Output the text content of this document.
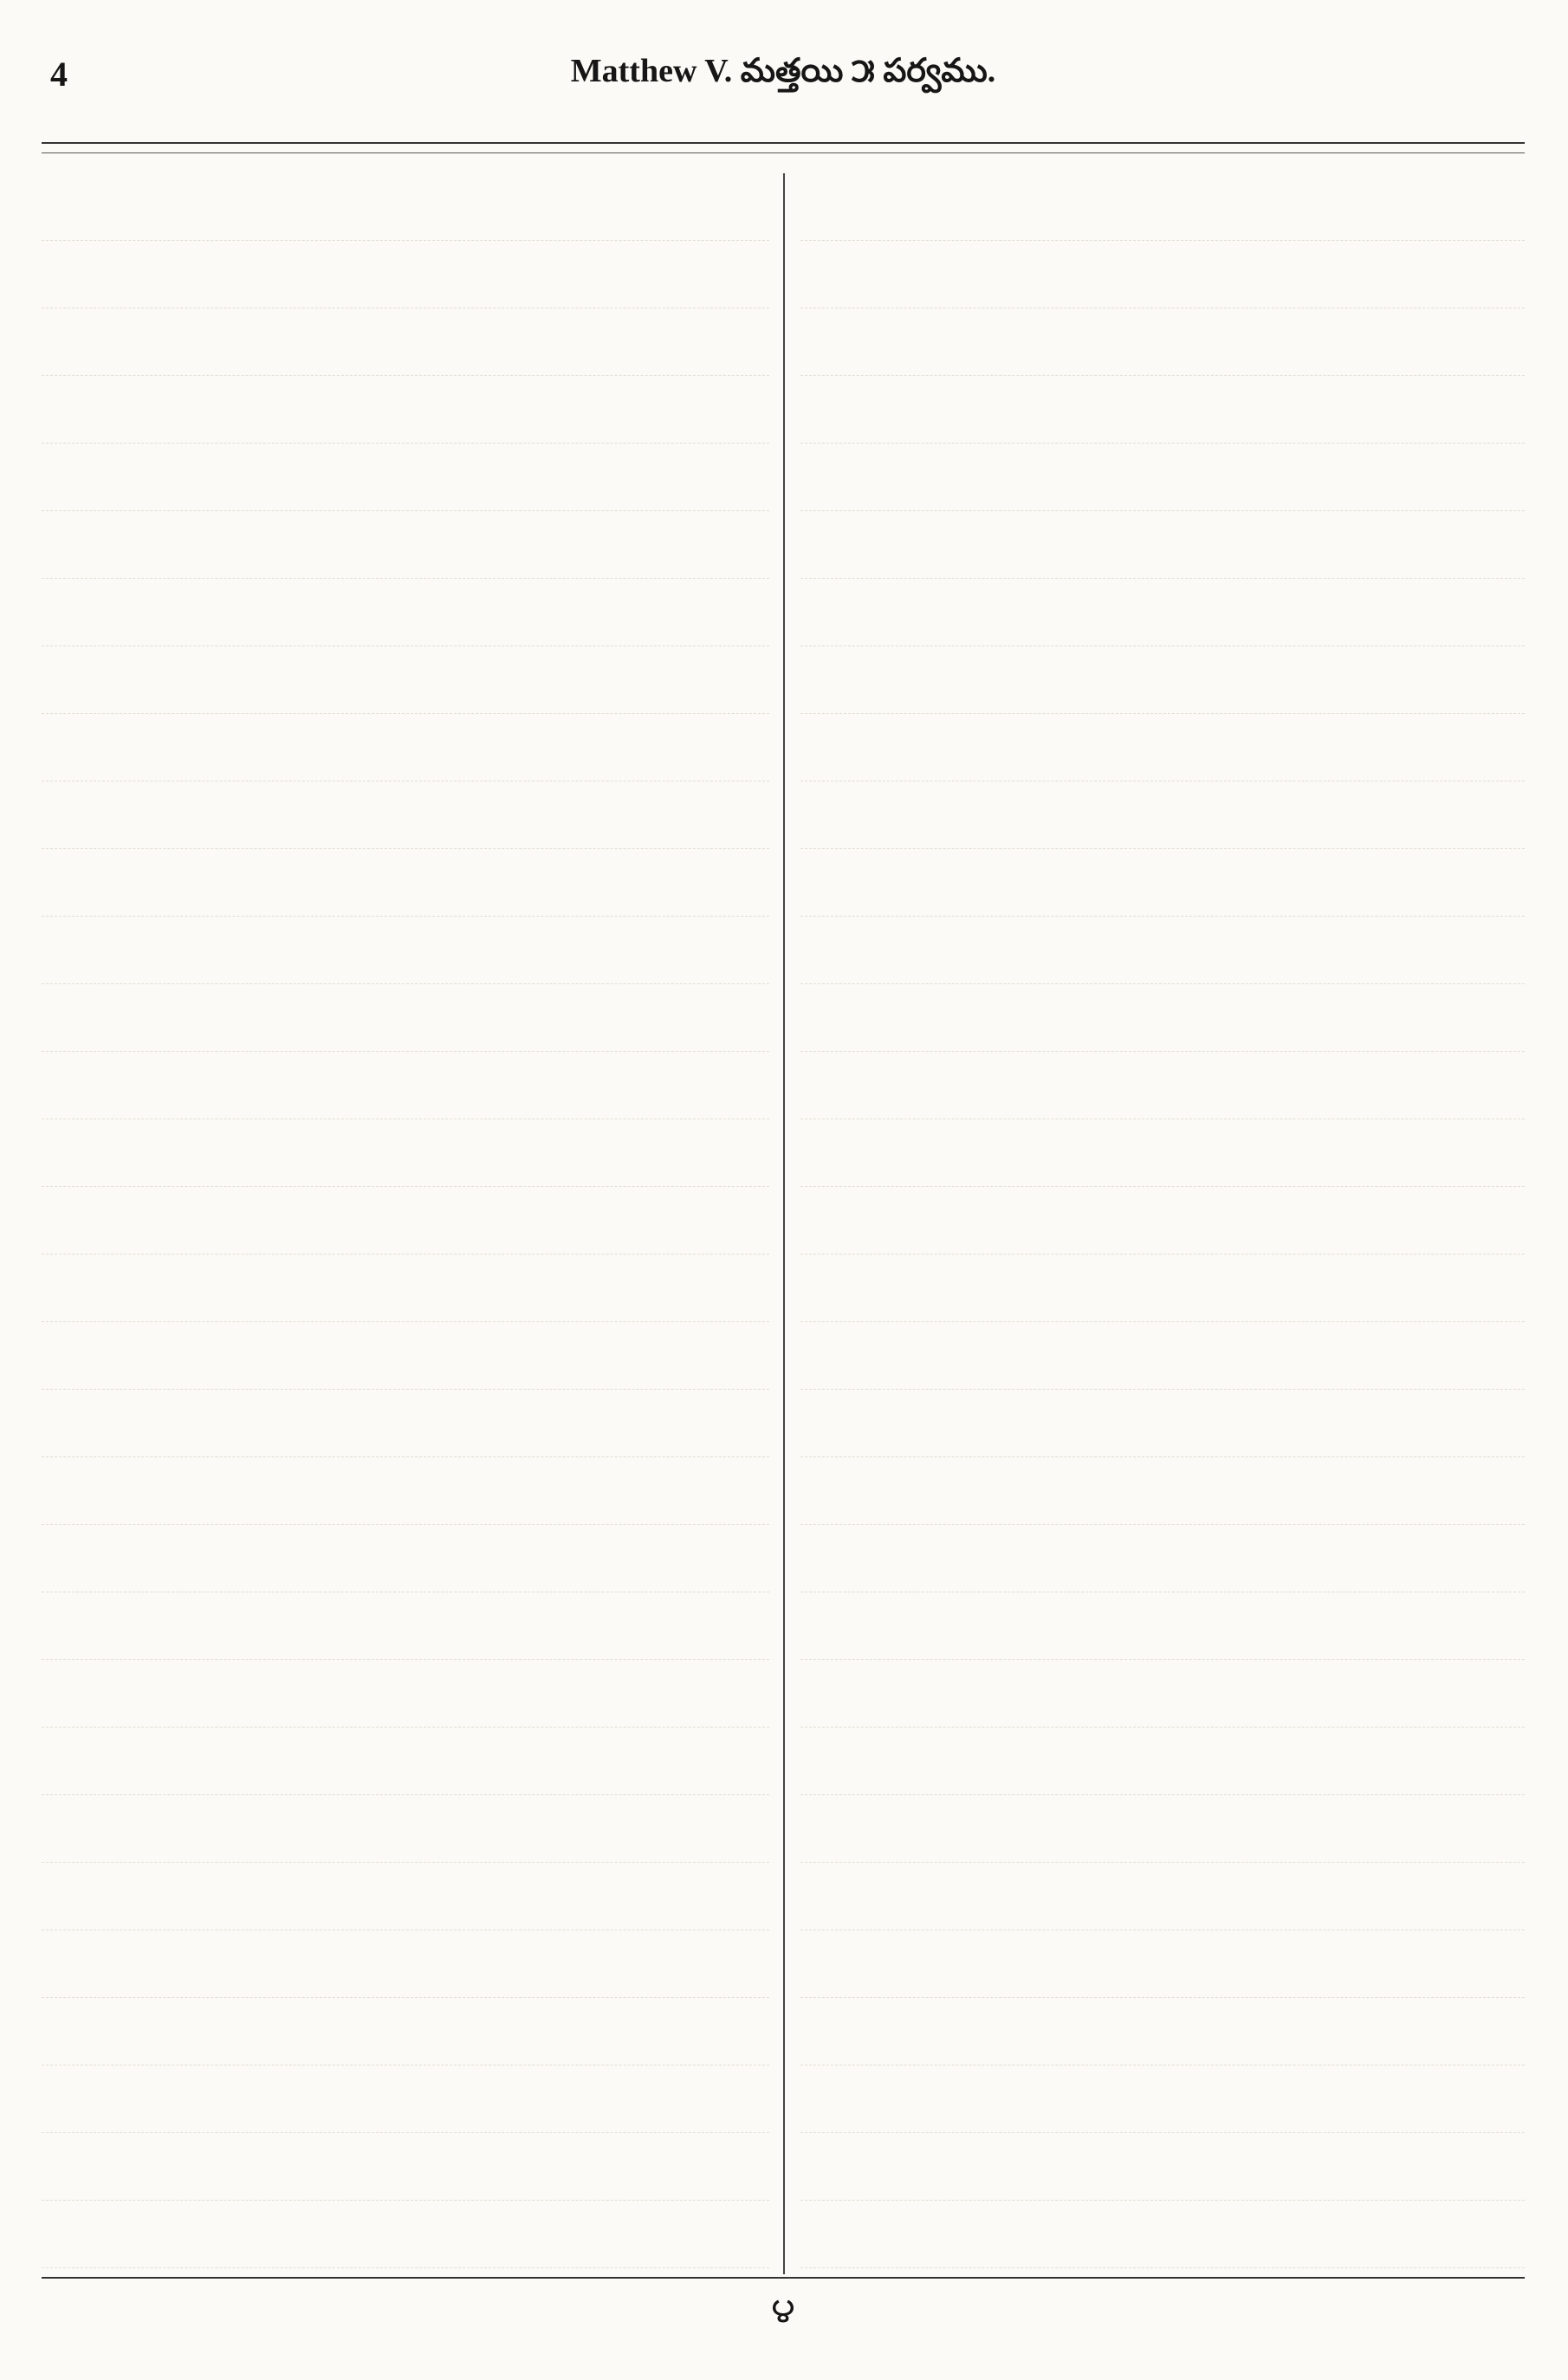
4	Matthew V. మత్తయి ౫ పర్వము.
౪
